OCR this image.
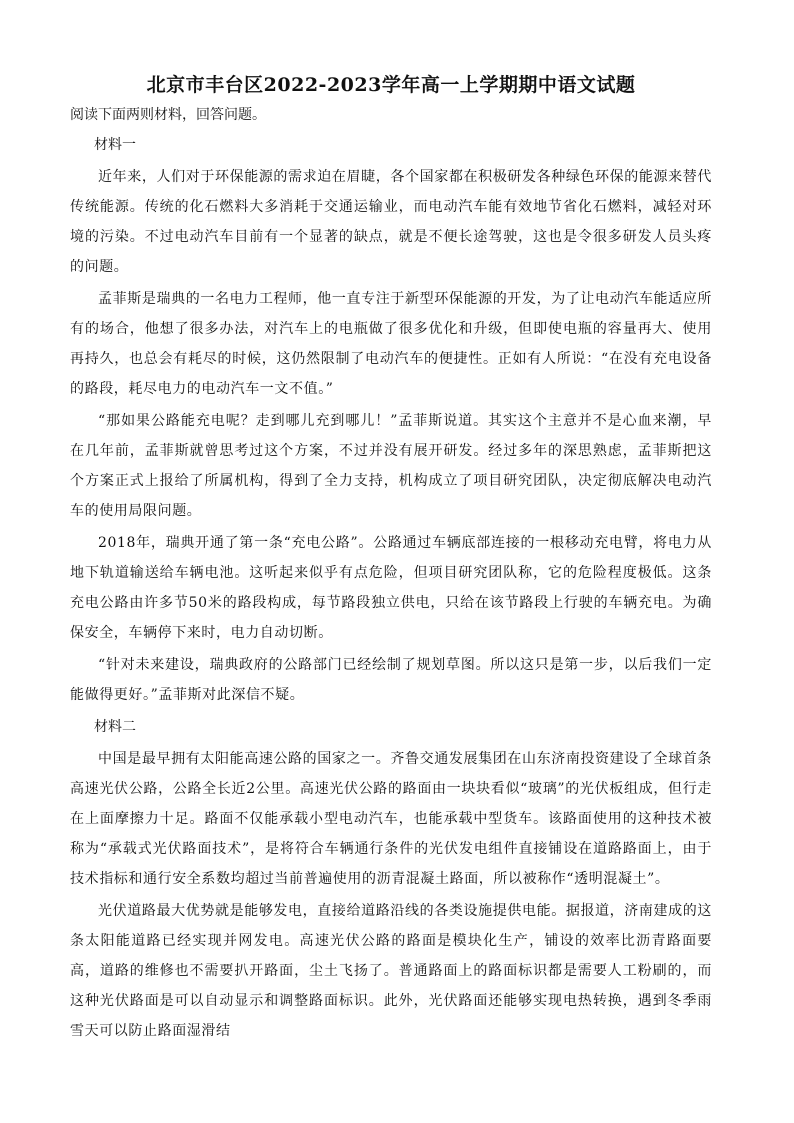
北京市丰台区2022-2023学年高一上学期期中语文试题

阅读下面两则材料，回答问题。

材料一

近年来，人们对于环保能源的需求迫在眉睫，各个国家都在积极研发各种绿色环保的能源来替代传统能源。传统的化石燃料大多消耗于交通运输业，而电动汽车能有效地节省化石燃料，减轻对环境的污染。不过电动汽车目前有一个显著的缺点，就是不便长途驾驶，这也是令很多研发人员头疼的问题。

孟菲斯是瑞典的一名电力工程师，他一直专注于新型环保能源的开发，为了让电动汽车能适应所有的场合，他想了很多办法，对汽车上的电瓶做了很多优化和升级，但即使电瓶的容量再大、使用再持久，也总会有耗尽的时候，这仍然限制了电动汽车的便捷性。正如有人所说：“在没有充电设备的路段，耗尽电力的电动汽车一文不值。”

“那如果公路能充电呢？走到哪儿充到哪儿！”孟菲斯说道。其实这个主意并不是心血来潮，早在几年前，孟菲斯就曾思考过这个方案，不过并没有展开研发。经过多年的深思熟虑，孟菲斯把这个方案正式上报给了所属机构，得到了全力支持，机构成立了项目研究团队，决定彻底解决电动汽车的使用局限问题。

2018年，瑞典开通了第一条“充电公路”。公路通过车辆底部连接的一根移动充电臂，将电力从地下轨道输送给车辆电池。这听起来似乎有点危险，但项目研究团队称，它的危险程度极低。这条充电公路由许多节50米的路段构成，每节路段独立供电，只给在该节路段上行驶的车辆充电。为确保安全，车辆停下来时，电力自动切断。

“针对未来建设，瑞典政府的公路部门已经绘制了规划草图。所以这只是第一步，以后我们一定能做得更好。”孟菲斯对此深信不疑。

材料二

中国是最早拥有太阳能高速公路的国家之一。齐鲁交通发展集团在山东济南投资建设了全球首条高速光伏公路，公路全长近2公里。高速光伏公路的路面由一块块看似“玻璃”的光伏板组成，但行走在上面摩擦力十足。路面不仅能承载小型电动汽车，也能承载中型货车。该路面使用的这种技术被称为“承载式光伏路面技术”，是将符合车辆通行条件的光伏发电组件直接铺设在道路路面上，由于技术指标和通行安全系数均超过当前普遍使用的沥青混凝土路面，所以被称作“透明混凝土”。

光伏道路最大优势就是能够发电，直接给道路沿线的各类设施提供电能。据报道，济南建成的这条太阳能道路已经实现并网发电。高速光伏公路的路面是模块化生产，铺设的效率比沥青路面要高，道路的维修也不需要扒开路面，尘土飞扬了。普通路面上的路面标识都是需要人工粉刷的，而这种光伏路面是可以自动显示和调整路面标识。此外，光伏路面还能够实现电热转换，遇到冬季雨雪天可以防止路面湿滑结
